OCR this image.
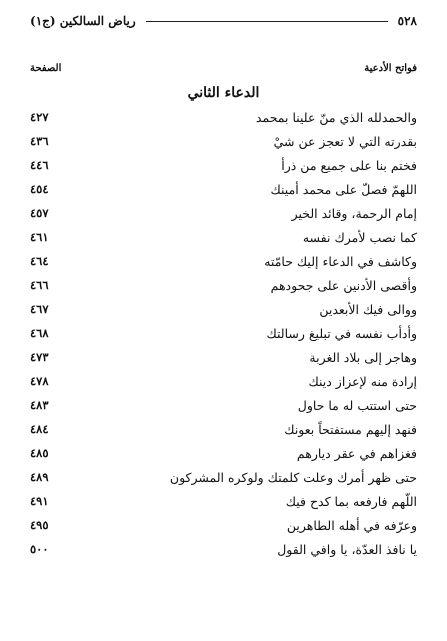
٥٢٨
رياض السالكين (ج١)
فواتح الأدعية
الصفحة
الدعاء الثاني
والحمدلله الذي منّ علينا بمحمد
٤٢٧
بقدرته التي لا تعجز عن شيْ
٤٣٦
فختم بنا على جميع من ذرأ
٤٤٦
اللهمّ فصلّ على محمد أمينك
٤٥٤
إمام الرحمة، وقائد الخير
٤٥٧
كما نصب لأمرك نفسه
٤٦١
وكاشف في الدعاء إليك حامّته
٤٦٤
وأقصى الأدنين على جحودهم
٤٦٦
ووالى فيك الأبعدين
٤٦٧
وأدأب نفسه في تبليغ رسالتك
٤٦٨
وهاجر إلى بلاد الغربة
٤٧٣
إرادة منه لإعزاز دينك
٤٧٨
حتى استتب له ما حاول
٤٨٣
فنهد إليهم مستفتحاً بعونك
٤٨٤
فغزاهم في عقر ديارهم
٤٨٥
حتى ظهر أمرك وعلت كلمتك ولوكره المشركون
٤٨٩
اللّهم فارفعه بما كدح فيك
٤٩١
وعرّفه في أهله الطاهرين
٤٩٥
يا نافذ العدّة، يا وافي القول
٥٠٠
